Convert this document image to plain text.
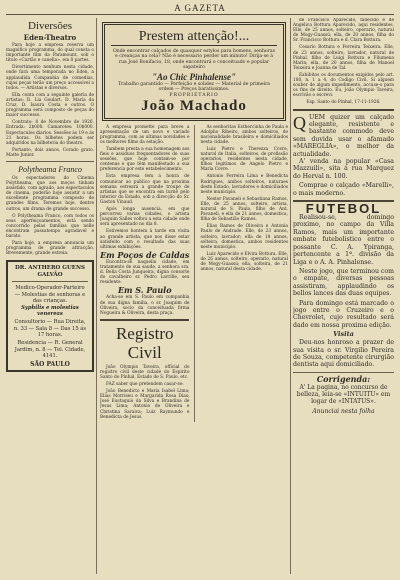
A GAZETA
Diversões
Eden-Theatro

Para hoje a empresa reserva um magnifico programma, do qual consta o importante film da Paramount, sob o titulo «Cartão e canella», em 8 partes.

Divertimento nenhum nesta cidade, onde fará uma temporada no Eden, a applaudida Companhia de comedias, cujas peças terão um preço accessivel a todos. — Artistas e diversos.

Ella conta com a seguinte galeria de artistas: D. Lia Goulart, D. Maria da Cruz, D. Isaura Costa e outros. O programma será composto de peças do maior successo.

Contrato: 8 de Novembro de 1926. Entrada: 2$000. Camarotes: 10$000. Espectaculos diarios. Sessões ás 19 e ás 21 horas. Os bilhetes podem ser adquiridos na bilheteria do theatro.

Portanto, dois annos, Corado grato. Matte Junior.

Polytheama Franco

Os espectadores do Cinema Polytheama, que aos moços tinham assistido, com agrado, aos espectaculos de cinema, poderão hoje assistir a um excellente programma composto de grandes films. Teremos hoje, dentre outros, um drama de grande successo.

O Polytheama Franco, com todos os seus aperfeiçoamentos, está sendo concorrido pelas familias que nelle encontram passatempo agradavel e barato.

Para hoje, a empresa annuncia um programma de grande attracção. Brevemente, grande estreia.

DR. ANTHERO GUENS GALVÃO
Medico-Operador-Parteiro — Molestias de senhoras e das crianças.
Syphilis e molestias venereas
Consultorio — Rua Direita, n. 33 — Sala 8 — Das 15 ás 17 horas.
Residencia — R. General Jardim, n. 8 — Tel. Cidade, 4141.
SÃO PAULO
Prestem attenção!...
Onde encontrar calçados de quasquer estylos para homens, senhoras e creanças na cela? Não é necessario perder um minuto! Dirija-se á rua José Bonifacio, 18, onde encontrará o conceituado e popular sapateiro
"Ao Chic Pinhalense"
Trabalho garantido — Perfeição e solidez — Material de primeira ordem — Preços baratissimos.
PROPRIETARIO
João Machado

A empresa promette para breve a apresentação de um novo e variado programma, com as ultimas novidades e os melhores films da estação.

Tambem presta a sua homenagem aos fieis e assiduos frequentadores de suas sessões, que hoje contam-se por centenas e que têm manifestado a sua preferencia por este estabelecimento.

Esta empresa tem a honra de comunicar ao publico que na proxima semana estreará a grande troupe de artistas que se encontra em turnê pelo interior do Estado, sob a direcção do Sr. Gaston Vinaud.

Após longa ausencia, em que percorreu varias cidades, o artista Joaquim Salles voltou a esta cidade onde será apresentado no dia 8.

Estivemos hontem á tarde em visita ao grande artista, que nos disse estar satisfeito com o resultado das suas ultimas exhibições.

Em Poços de Caldas

Encontra-se naquella cidade, em tratamento de sua saude, a senhora sra. d. Belia Costa Junqueira, digna consorte do cavalheiro sr. Pedro Lavrille, seu residente.

Em S. Paulo

Acha-se em S. Paulo em companhia de sua digna familia, o sr. Joaquim de Oliveira, socio da conceituada firma Nogueira & Oliveira, desta praça.

Registro Civil

João Olympio Taveira, official do registro civil deste cidade do Espirito Santo do Pinhal, Estado de S. Paulo, etc.

FAZ saber que pretendem casar-se:

João Benedicto e Maria Isabel Lima; Elias Morriseu e Margarida Rosa Dias; José Eustaquio da Silva e Brandina de Jesus Lima; Antonio de Oliveira e Christina Saraiva; Luiz Raymundo e Benedicta de Jesus.

As senhoritas Esthercinha de Paula e Adolpho Ribeiro, ambos solteiros, de nacionalidade brasileira e domiciliados nesta cidade.

Luiz Pietro e Therezza Covre, natural de Italia, solteiros, de profissão operarios, residentes nesta cidade, filhos legitimos de Angelo Pietro e Maria Covre.

Antonio Ferreira Lima e Benedicta Rodrigues, ambos solteiros, naturaes deste Estado, lavradores e domiciliados neste municipio.

Nestor Pavaneli e Sebastiana Ramos, Elle, de 25 annos, solteiro, artista, natural de S. Paulo, filho de Ant. Pavaneli, e ella de 21 annos, domestica, filha de Sebastião Ramos.

Elias Ramos de Oliveira e Antonia Paulo de Andrade. Elle, de 23 annos, solteiro, lavrador; ella de 18 annos, solteira, domestica, ambos residentes neste municipio.

Luiz Aparecido e Elvira Bottura. Elle, de 26 annos, solteiro, operario, natural de Mogy-Guassú; ella, solteira, de 21 annos, natural desta cidade.

de Francisco Aparecido, fallecido e de Angelica Bottura Aparecido, aqui residentes. Elle, de 25 annos, solteiro, operario, natural de Mogy-Guassú; ella, de 20 annos, filha do Sr. Francisco Bottura e d. Clara Bottura.

Cesario Bottura e Ferreira Teixeira. Elle, de 23 annos, solteiro, lavrador, natural de Pinhal, filho de Luigi Bottura e Filumena Marin; ella, de 20 annos, filha de Manoel Teixeira e Joanna de Tal.

Exhibitos os documentos exigidos pelo art. 180, n. 1 a 4, do Codigo Civil. Si alguem souber de algum impedimento, accuse-o para os fins de direito. Eu, João Olympio Taveira, escrivão o escrevi.

Esp. Santo do Pinhal, 17-11-1926.

Q UEM quizer um calçado elegante, resistente e bastante commodo deve sem duvida usar o afamado «MAREGLIA», o melhor da actualidade.

A' venda na popular «Casa Mazzuili», sita á rua Marquez do Herval n. 100.

Comprae o calçado «Marelli», o mais moderno.

FUTEBOL

Realisou-se, domingo proximo, no campo da Villa Ramos, mais um importante embate futebolistico entre o possante C. A. Ypiranga, pertencente a 1ª. divisão da Liga e o A. A. Pinhalense.

Neste jogo, que terminou com o empate, diversas pessoas assistiram, applaudindo os bellos lances das duas equipes.

Para domingo está marcado o jogo entre o Cruzeiro e o Chevrolet, cujo resultado será dado em nossa proxima edição.

Visita

Deu-nos honroso a prazer de sua visita o sr. Virgilio Pereira de Souza, competente cirurgião dentista aqui domiciliado.

Corrigenda:
A' La pagina, no concurso de belleza, leia-se «INTUITU» em logar de «INTATUS».
Anunciai nesta folha
